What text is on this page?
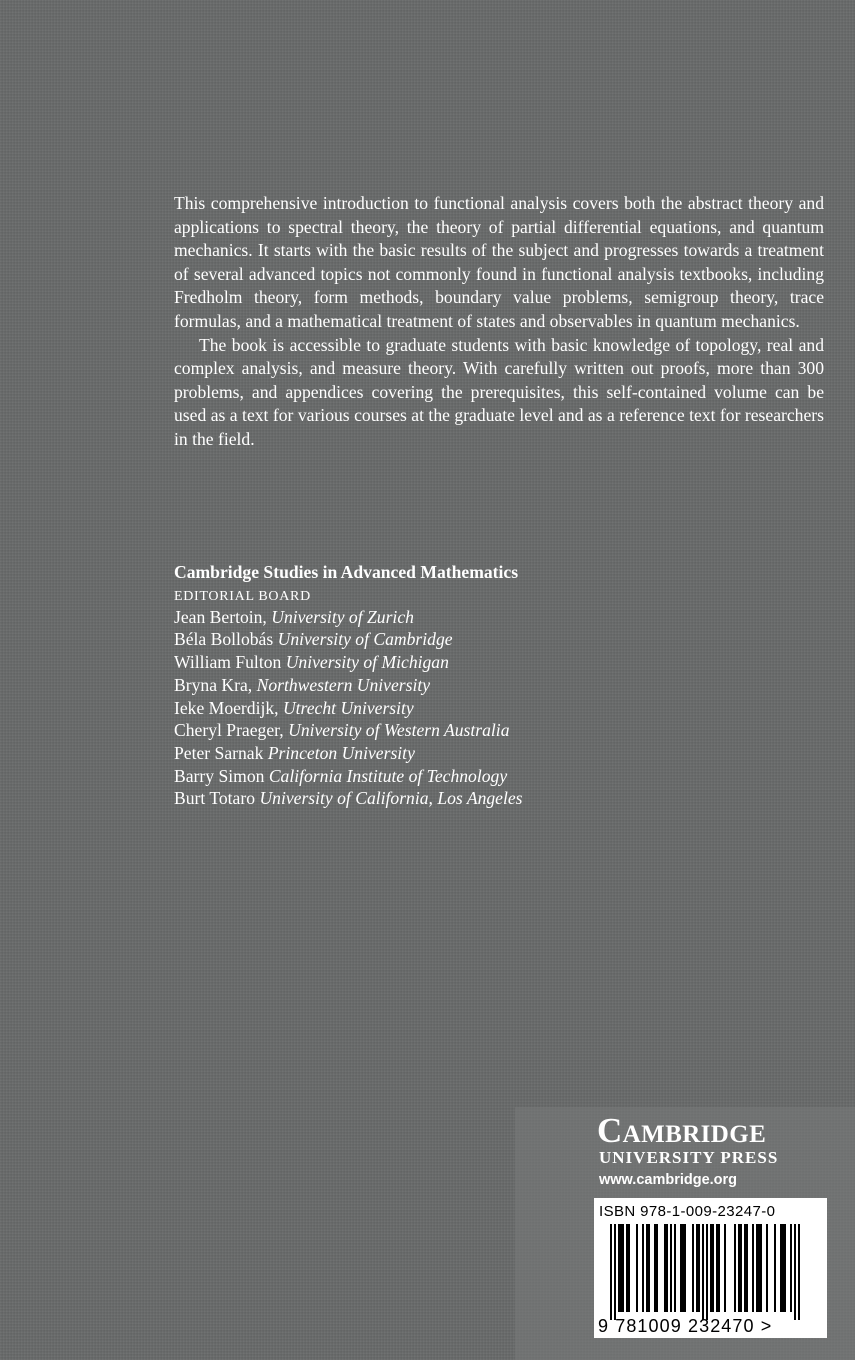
This comprehensive introduction to functional analysis covers both the abstract theory and applications to spectral theory, the theory of partial differential equations, and quantum mechanics. It starts with the basic results of the subject and progresses towards a treatment of several advanced topics not commonly found in functional analysis textbooks, including Fredholm theory, form methods, boundary value problems, semigroup theory, trace formulas, and a mathematical treatment of states and observables in quantum mechanics.

The book is accessible to graduate students with basic knowledge of topology, real and complex analysis, and measure theory. With carefully written out proofs, more than 300 problems, and appendices covering the prerequisites, this self-contained volume can be used as a text for various courses at the graduate level and as a reference text for researchers in the field.

Cambridge Studies in Advanced Mathematics

EDITORIAL BOARD

Jean Bertoin, University of Zurich

Béla Bollobás University of Cambridge

William Fulton University of Michigan

Bryna Kra, Northwestern University

Ieke Moerdijk, Utrecht University

Cheryl Praeger, University of Western Australia

Peter Sarnak Princeton University

Barry Simon California Institute of Technology

Burt Totaro University of California, Los Angeles

Cambridge

UNIVERSITY PRESS

www.cambridge.org

ISBN 978-1-009-23247-0

9 781009 232470 >
